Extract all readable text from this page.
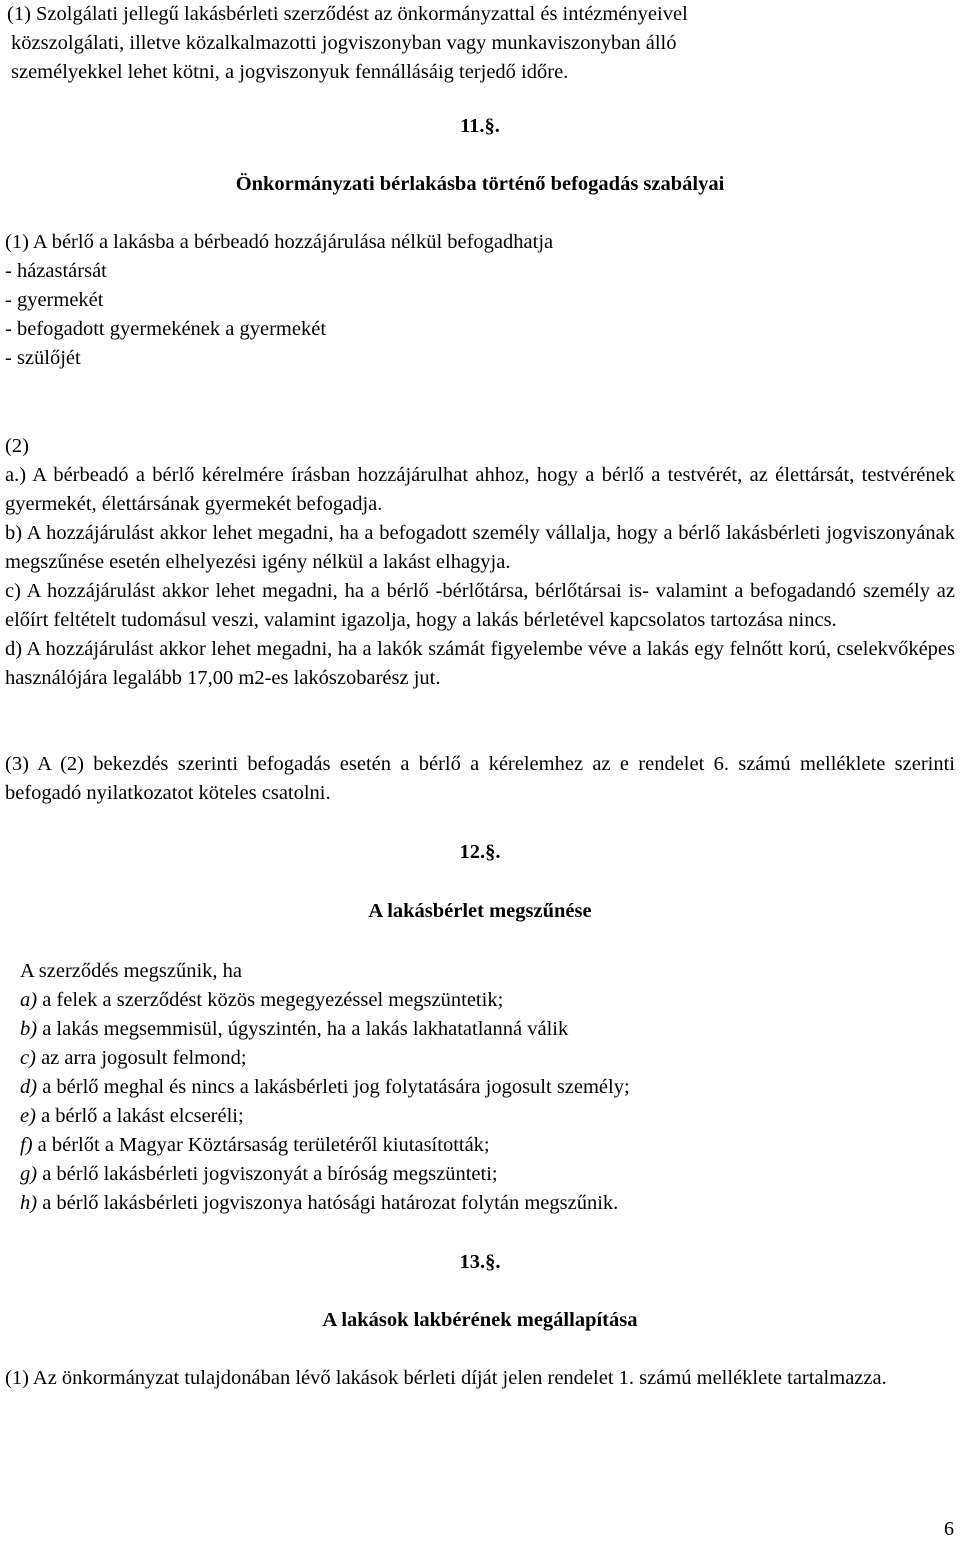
(1) Szolgálati jellegű lakásbérleti szerződést az önkormányzattal és intézményeivel

közszolgálati, illetve közalkalmazotti jogviszonyban vagy munkaviszonyban álló

személyekkel lehet kötni, a jogviszonyuk fennállásáig terjedő időre.

11.§.
Önkormányzati bérlakásba történő befogadás szabályai

(1) A bérlő a lakásba a bérbeadó hozzájárulása nélkül befogadhatja

- házastársát

- gyermekét

- befogadott gyermekének a gyermekét

- szülőjét

(2)

a.) A bérbeadó a bérlő kérelmére írásban hozzájárulhat ahhoz, hogy a bérlő a testvérét, az élettársát, testvérének gyermekét, élettársának gyermekét befogadja.

b) A hozzájárulást akkor lehet megadni, ha a befogadott személy vállalja, hogy a bérlő lakásbérleti jogviszonyának megszűnése esetén elhelyezési igény nélkül a lakást elhagyja.

c) A hozzájárulást akkor lehet megadni, ha a bérlő -bérlőtársa, bérlőtársai is- valamint a befogadandó személy az előírt feltételt tudomásul veszi, valamint igazolja, hogy a lakás bérletével kapcsolatos tartozása nincs.

d) A hozzájárulást akkor lehet megadni, ha a lakók számát figyelembe véve a lakás egy felnőtt korú, cselekvőképes használójára legalább 17,00 m2-es lakószobarész jut.

(3) A (2) bekezdés szerinti befogadás esetén a bérlő a kérelemhez az e rendelet 6. számú melléklete szerinti befogadó nyilatkozatot köteles csatolni.

12.§.
A lakásbérlet megszűnése

A szerződés megszűnik, ha

a) a felek a szerződést közös megegyezéssel megszüntetik;

b) a lakás megsemmisül, úgyszintén, ha a lakás lakhatatlanná válik

c) az arra jogosult felmond;

d) a bérlő meghal és nincs a lakásbérleti jog folytatására jogosult személy;

e) a bérlő a lakást elcseréli;

f) a bérlőt a Magyar Köztársaság területéről kiutasították;

g) a bérlő lakásbérleti jogviszonyát a bíróság megszünteti;

h) a bérlő lakásbérleti jogviszonya hatósági határozat folytán megszűnik.

13.§.
A lakások lakbérének megállapítása

(1) Az önkormányzat tulajdonában lévő lakások bérleti díját jelen rendelet 1. számú melléklete tartalmazza.

6
